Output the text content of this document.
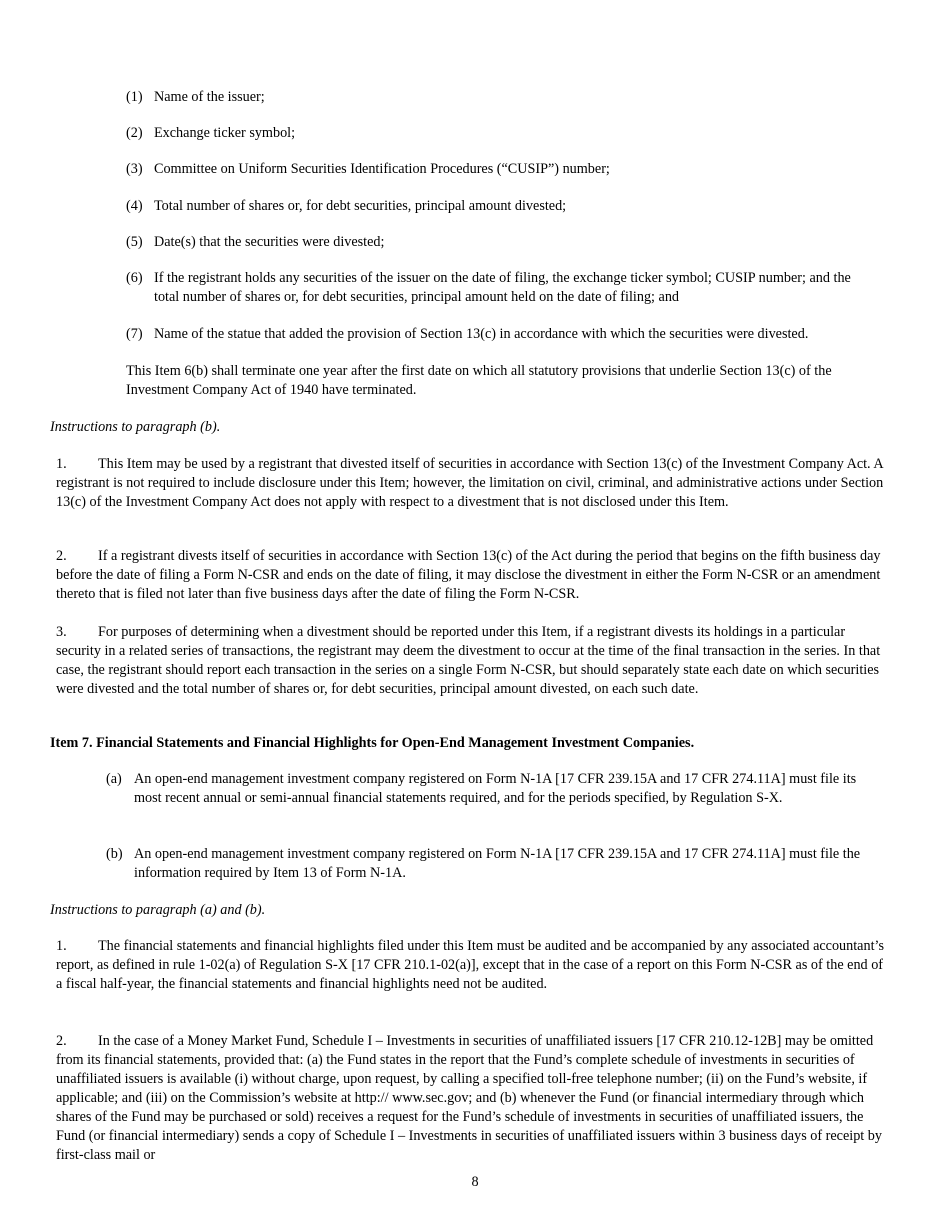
(1) Name of the issuer;
(2) Exchange ticker symbol;
(3) Committee on Uniform Securities Identification Procedures (“CUSIP”) number;
(4) Total number of shares or, for debt securities, principal amount divested;
(5) Date(s) that the securities were divested;
(6) If the registrant holds any securities of the issuer on the date of filing, the exchange ticker symbol; CUSIP number; and the total number of shares or, for debt securities, principal amount held on the date of filing; and
(7) Name of the statue that added the provision of Section 13(c) in accordance with which the securities were divested.
This Item 6(b) shall terminate one year after the first date on which all statutory provisions that underlie Section 13(c) of the Investment Company Act of 1940 have terminated.
Instructions to paragraph (b).
1. This Item may be used by a registrant that divested itself of securities in accordance with Section 13(c) of the Investment Company Act. A registrant is not required to include disclosure under this Item; however, the limitation on civil, criminal, and administrative actions under Section 13(c) of the Investment Company Act does not apply with respect to a divestment that is not disclosed under this Item.
2. If a registrant divests itself of securities in accordance with Section 13(c) of the Act during the period that begins on the fifth business day before the date of filing a Form N-CSR and ends on the date of filing, it may disclose the divestment in either the Form N-CSR or an amendment thereto that is filed not later than five business days after the date of filing the Form N-CSR.
3. For purposes of determining when a divestment should be reported under this Item, if a registrant divests its holdings in a particular security in a related series of transactions, the registrant may deem the divestment to occur at the time of the final transaction in the series. In that case, the registrant should report each transaction in the series on a single Form N-CSR, but should separately state each date on which securities were divested and the total number of shares or, for debt securities, principal amount divested, on each such date.
Item 7. Financial Statements and Financial Highlights for Open-End Management Investment Companies.
(a) An open-end management investment company registered on Form N-1A [17 CFR 239.15A and 17 CFR 274.11A] must file its most recent annual or semi-annual financial statements required, and for the periods specified, by Regulation S-X.
(b) An open-end management investment company registered on Form N-1A [17 CFR 239.15A and 17 CFR 274.11A] must file the information required by Item 13 of Form N-1A.
Instructions to paragraph (a) and (b).
1. The financial statements and financial highlights filed under this Item must be audited and be accompanied by any associated accountant’s report, as defined in rule 1-02(a) of Regulation S-X [17 CFR 210.1-02(a)], except that in the case of a report on this Form N-CSR as of the end of a fiscal half-year, the financial statements and financial highlights need not be audited.
2. In the case of a Money Market Fund, Schedule I – Investments in securities of unaffiliated issuers [17 CFR 210.12-12B] may be omitted from its financial statements, provided that: (a) the Fund states in the report that the Fund’s complete schedule of investments in securities of unaffiliated issuers is available (i) without charge, upon request, by calling a specified toll-free telephone number; (ii) on the Fund’s website, if applicable; and (iii) on the Commission’s website at http:// www.sec.gov; and (b) whenever the Fund (or financial intermediary through which shares of the Fund may be purchased or sold) receives a request for the Fund’s schedule of investments in securities of unaffiliated issuers, the Fund (or financial intermediary) sends a copy of Schedule I – Investments in securities of unaffiliated issuers within 3 business days of receipt by first-class mail or
8
